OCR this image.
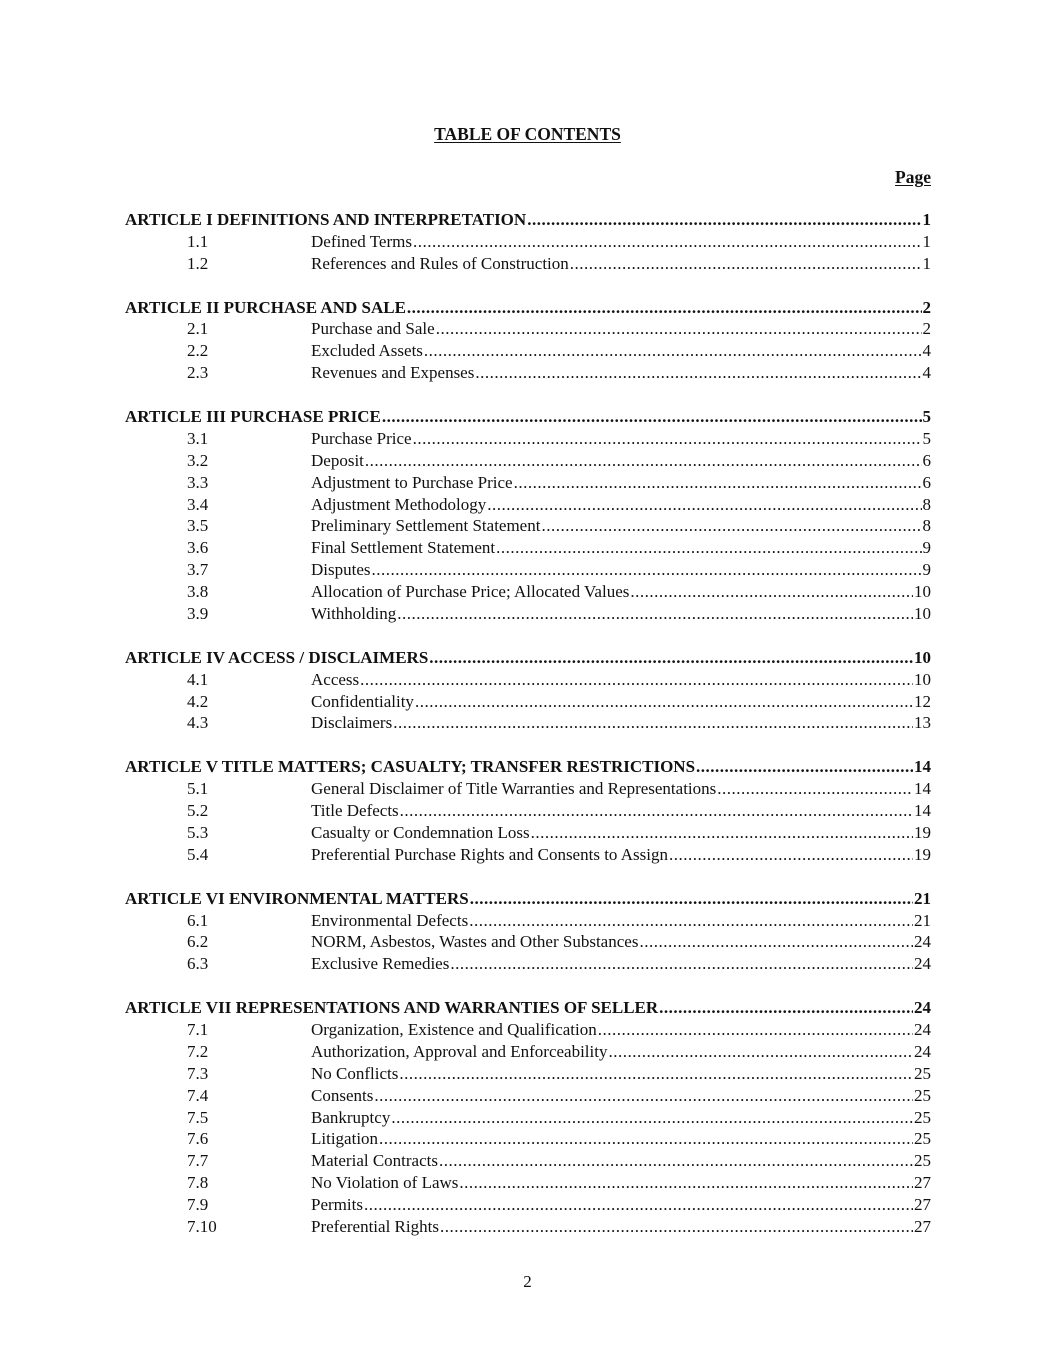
TABLE OF CONTENTS
Page
ARTICLE I DEFINITIONS AND INTERPRETATION .....	1
1.1	Defined Terms .....	1
1.2	References and Rules of Construction .....	1
ARTICLE II PURCHASE AND SALE .....	2
2.1	Purchase and Sale .....	2
2.2	Excluded Assets .....	4
2.3	Revenues and Expenses .....	4
ARTICLE III PURCHASE PRICE .....	5
3.1	Purchase Price .....	5
3.2	Deposit .....	6
3.3	Adjustment to Purchase Price .....	6
3.4	Adjustment Methodology .....	8
3.5	Preliminary Settlement Statement .....	8
3.6	Final Settlement Statement .....	9
3.7	Disputes .....	9
3.8	Allocation of Purchase Price; Allocated Values .....	10
3.9	Withholding .....	10
ARTICLE IV ACCESS / DISCLAIMERS .....	10
4.1	Access .....	10
4.2	Confidentiality .....	12
4.3	Disclaimers .....	13
ARTICLE V TITLE MATTERS; CASUALTY; TRANSFER RESTRICTIONS .....	14
5.1	General Disclaimer of Title Warranties and Representations .....	14
5.2	Title Defects .....	14
5.3	Casualty or Condemnation Loss .....	19
5.4	Preferential Purchase Rights and Consents to Assign .....	19
ARTICLE VI ENVIRONMENTAL MATTERS .....	21
6.1	Environmental Defects .....	21
6.2	NORM, Asbestos, Wastes and Other Substances .....	24
6.3	Exclusive Remedies .....	24
ARTICLE VII REPRESENTATIONS AND WARRANTIES OF SELLER .....	24
7.1	Organization, Existence and Qualification .....	24
7.2	Authorization, Approval and Enforceability .....	24
7.3	No Conflicts .....	25
7.4	Consents .....	25
7.5	Bankruptcy .....	25
7.6	Litigation .....	25
7.7	Material Contracts .....	25
7.8	No Violation of Laws .....	27
7.9	Permits .....	27
7.10	Preferential Rights .....	27
2
